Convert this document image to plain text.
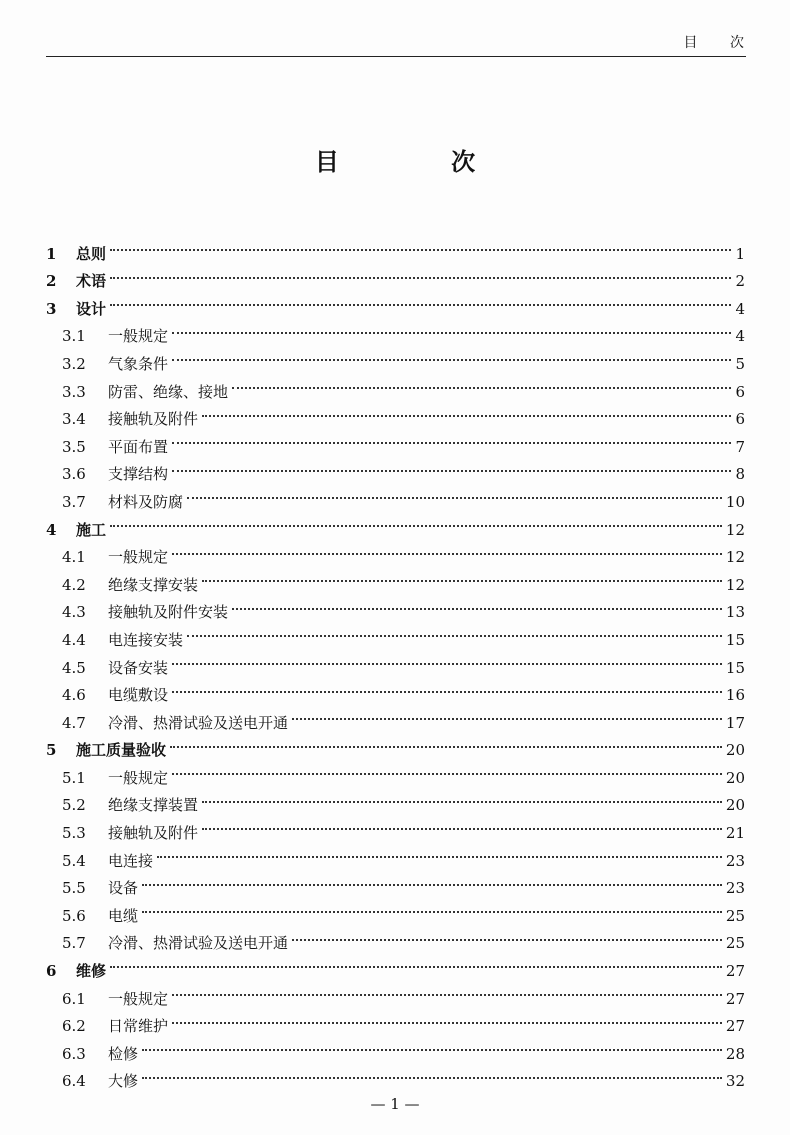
目 次
目 次
1	总则	1
2	术语	2
3	设计	4
3.1	一般规定	4
3.2	气象条件	5
3.3	防雷、绝缘、接地	6
3.4	接触轨及附件	6
3.5	平面布置	7
3.6	支撑结构	8
3.7	材料及防腐	10
4	施工	12
4.1	一般规定	12
4.2	绝缘支撑安装	12
4.3	接触轨及附件安装	13
4.4	电连接安装	15
4.5	设备安装	15
4.6	电缆敷设	16
4.7	冷滑、热滑试验及送电开通	17
5	施工质量验收	20
5.1	一般规定	20
5.2	绝缘支撑装置	20
5.3	接触轨及附件	21
5.4	电连接	23
5.5	设备	23
5.6	电缆	25
5.7	冷滑、热滑试验及送电开通	25
6	维修	27
6.1	一般规定	27
6.2	日常维护	27
6.3	检修	28
6.4	大修	32
— 1 —
